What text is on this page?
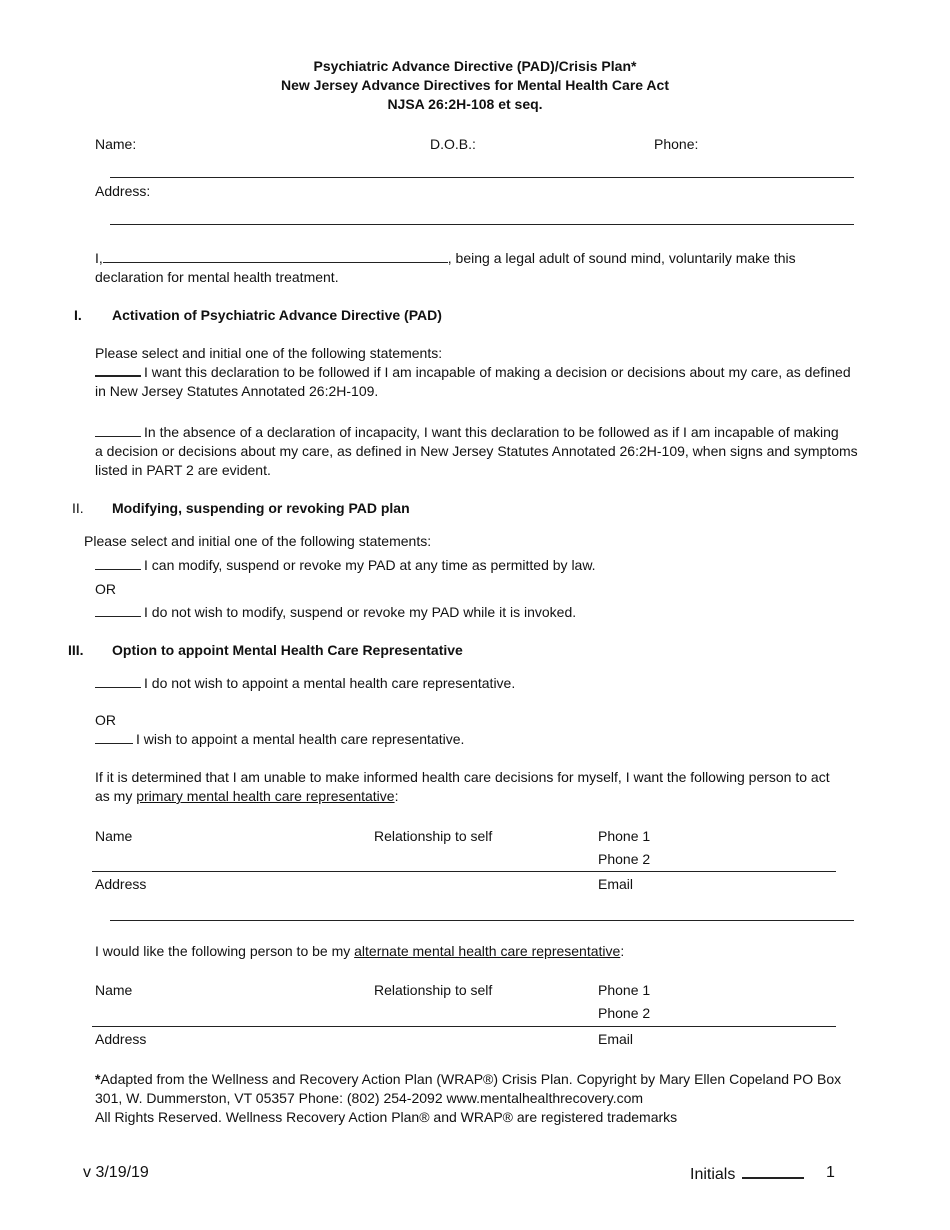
Psychiatric Advance Directive (PAD)/Crisis Plan*
New Jersey Advance Directives for Mental Health Care Act
NJSA 26:2H-108 et seq.
Name:	D.O.B.:	Phone:
Address:
I,	, being a legal adult of sound mind, voluntarily make this
declaration for mental health treatment.
I. Activation of Psychiatric Advance Directive (PAD)
Please select and initial one of the following statements:
I want this declaration to be followed if I am incapable of making a decision or decisions about my care, as defined
in New Jersey Statutes Annotated 26:2H-109.
In the absence of a declaration of incapacity, I want this declaration to be followed as if I am incapable of making
a decision or decisions about my care, as defined in New Jersey Statutes Annotated 26:2H-109, when signs and symptoms
listed in PART 2 are evident.
II. Modifying, suspending or revoking PAD plan
Please select and initial one of the following statements:
I can modify, suspend or revoke my PAD at any time as permitted by law.
OR
I do not wish to modify, suspend or revoke my PAD while it is invoked.
III. Option to appoint Mental Health Care Representative
I do not wish to appoint a mental health care representative.
OR
I wish to appoint a mental health care representative.
If it is determined that I am unable to make informed health care decisions for myself, I want the following person to act
as my primary mental health care representative:
Name	Relationship to self	Phone 1
Phone 2
Address	Email
I would like the following person to be my alternate mental health care representative:
Name	Relationship to self	Phone 1
Phone 2
Address	Email
*Adapted from the Wellness and Recovery Action Plan (WRAP®) Crisis Plan. Copyright by Mary Ellen Copeland PO Box
301, W. Dummerston, VT 05357 Phone: (802) 254-2092 www.mentalhealthrecovery.com
All Rights Reserved. Wellness Recovery Action Plan® and WRAP® are registered trademarks
v 3/19/19	Initials	1
